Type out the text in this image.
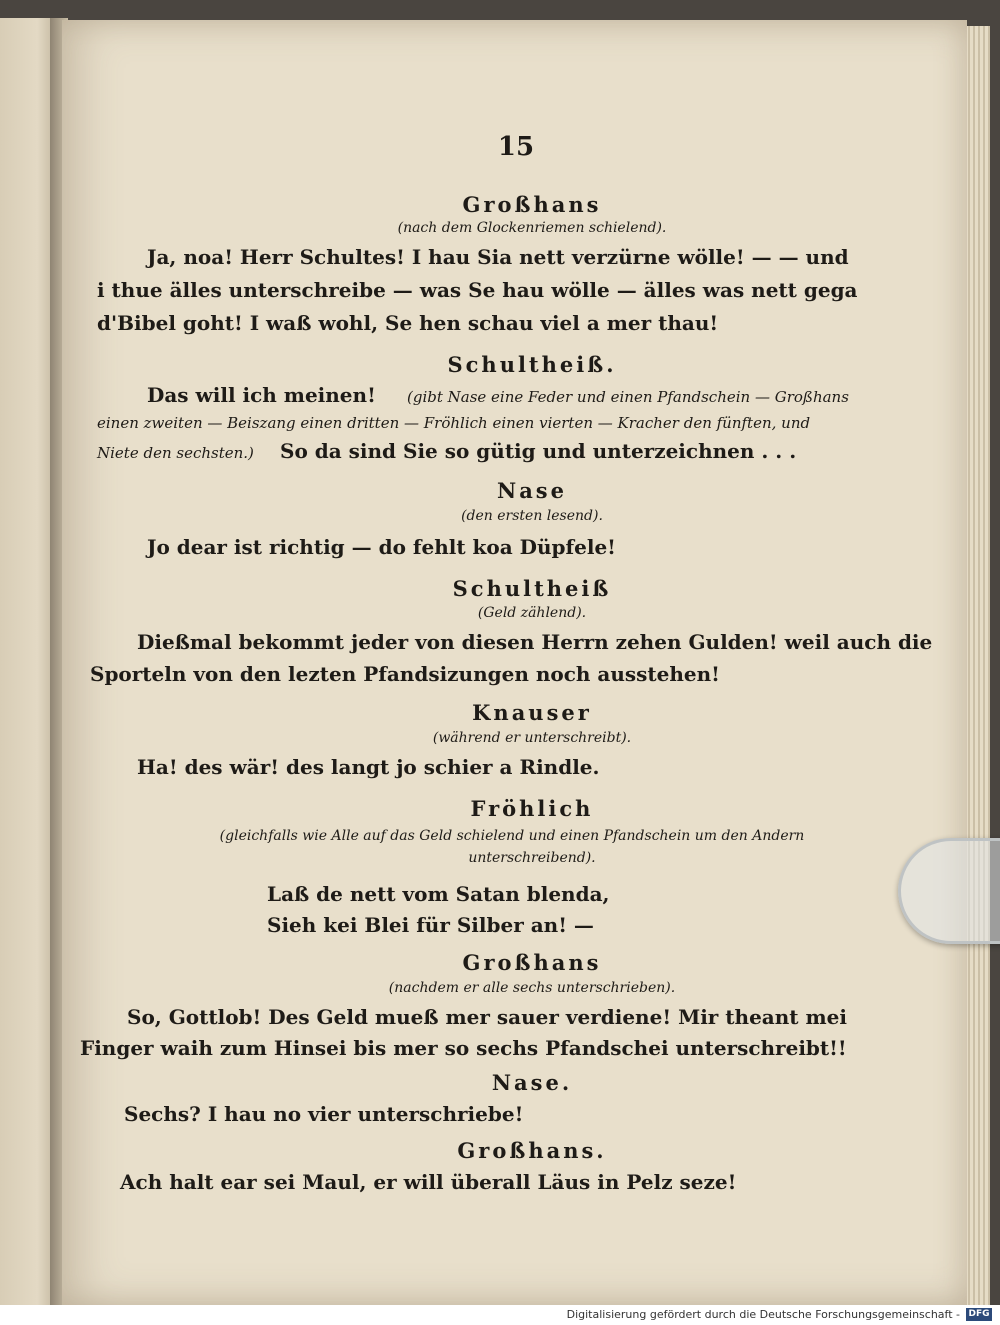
15
Großhans
(nach dem Glockenriemen schielend).
Ja, noa! Herr Schultes! I hau Sia nett verzürne wölle! — — und
i thue älles unterschreibe — was Se hau wölle — älles was nett gega
d'Bibel goht! I waß wohl, Se hen schau viel a mer thau!
Schultheiß.
Das will ich meinen! (gibt Nase eine Feder und einen Pfandschein — Großhans
einen zweiten — Beiszang einen dritten — Fröhlich einen vierten — Kracher den fünften, und
Niete den sechsten.) So da sind Sie so gütig und unterzeichnen . . .
Nase
(den ersten lesend).
Jo dear ist richtig — do fehlt koa Düpfele!
Schultheiß
(Geld zählend).
Dießmal bekommt jeder von diesen Herrn zehen Gulden! weil auch die
Sporteln von den lezten Pfandsizungen noch ausstehen!
Knauser
(während er unterschreibt).
Ha! des wär! des langt jo schier a Rindle.
Fröhlich
(gleichfalls wie Alle auf das Geld schielend und einen Pfandschein um den Andern
unterschreibend).
Laß de nett vom Satan blenda,
Sieh kei Blei für Silber an! —
Großhans
(nachdem er alle sechs unterschrieben).
So, Gottlob! Des Geld mueß mer sauer verdiene! Mir theant mei
Finger waih zum Hinsei bis mer so sechs Pfandschei unterschreibt!!
Nase.
Sechs? I hau no vier unterschriebe!
Großhans.
Ach halt ear sei Maul, er will überall Läus in Pelz seze!
Digitalisierung gefördert durch die Deutsche Forschungsgemeinschaft - DFG
